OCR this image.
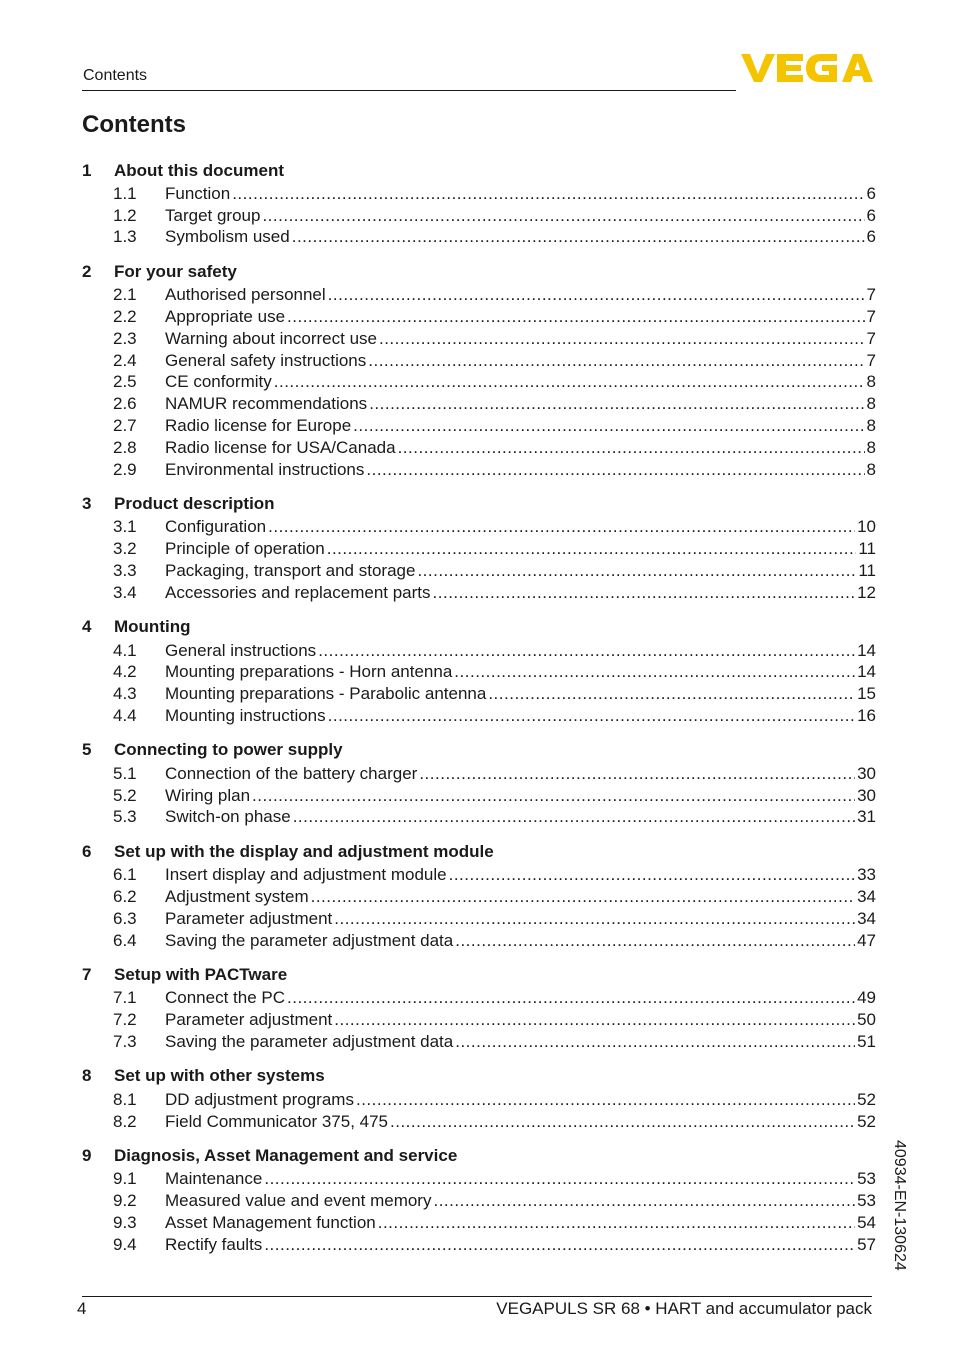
Contents
Contents
1	About this document
1.1	Function .....	6
1.2	Target group .....	6
1.3	Symbolism used .....	6
2	For your safety
2.1	Authorised personnel .....	7
2.2	Appropriate use .....	7
2.3	Warning about incorrect use .....	7
2.4	General safety instructions .....	7
2.5	CE conformity .....	8
2.6	NAMUR recommendations .....	8
2.7	Radio license for Europe .....	8
2.8	Radio license for USA/Canada .....	8
2.9	Environmental instructions .....	8
3	Product description
3.1	Configuration .....	10
3.2	Principle of operation .....	11
3.3	Packaging, transport and storage .....	11
3.4	Accessories and replacement parts .....	12
4	Mounting
4.1	General instructions .....	14
4.2	Mounting preparations - Horn antenna .....	14
4.3	Mounting preparations - Parabolic antenna .....	15
4.4	Mounting instructions .....	16
5	Connecting to power supply
5.1	Connection of the battery charger .....	30
5.2	Wiring plan .....	30
5.3	Switch-on phase .....	31
6	Set up with the display and adjustment module
6.1	Insert display and adjustment module .....	33
6.2	Adjustment system .....	34
6.3	Parameter adjustment .....	34
6.4	Saving the parameter adjustment data .....	47
7	Setup with PACTware
7.1	Connect the PC .....	49
7.2	Parameter adjustment .....	50
7.3	Saving the parameter adjustment data .....	51
8	Set up with other systems
8.1	DD adjustment programs .....	52
8.2	Field Communicator 375, 475 .....	52
9	Diagnosis, Asset Management and service
9.1	Maintenance .....	53
9.2	Measured value and event memory .....	53
9.3	Asset Management function .....	54
9.4	Rectify faults .....	57 40934-EN-130624
4	VEGAPULS SR 68 • HART and accumulator pack
